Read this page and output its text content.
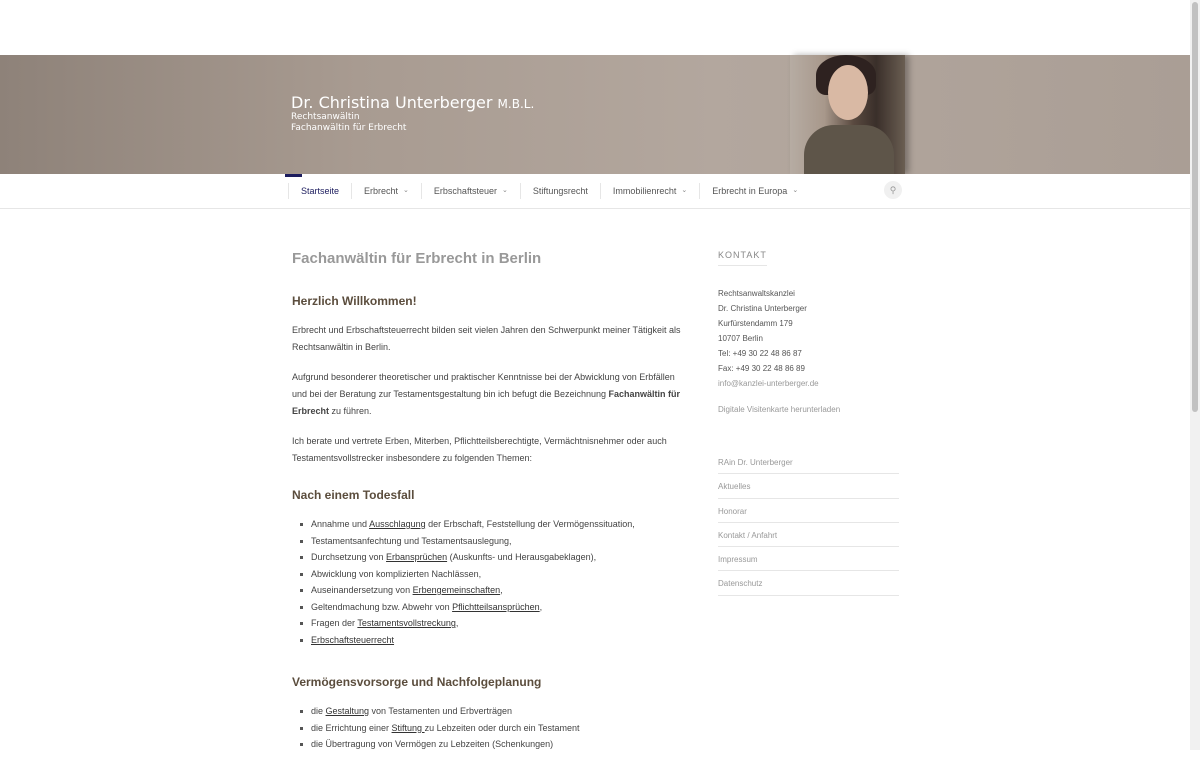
Dr. Christina Unterberger M.B.L.
Rechtsanwältin
Fachanwältin für Erbrecht
Startseite	Erbrecht ⌄	Erbschaftsteuer ⌄	Stiftungsrecht	Immobilienrecht ⌄	Erbrecht in Europa ⌄	⚲
Fachanwältin für Erbrecht in Berlin
Herzlich Willkommen!

Erbrecht und Erbschaftsteuerrecht bilden seit vielen Jahren den Schwerpunkt meiner Tätigkeit als Rechtsanwältin in Berlin.

Aufgrund besonderer theoretischer und praktischer Kenntnisse bei der Abwicklung von Erbfällen und bei der Beratung zur Testamentsgestaltung bin ich befugt die Bezeichnung Fachanwältin für Erbrecht zu führen.

Ich berate und vertrete Erben, Miterben, Pflichtteilsberechtigte, Vermächtnisnehmer oder auch Testamentsvollstrecker insbesondere zu folgenden Themen:

Nach einem Todesfall
Annahme und Ausschlagung der Erbschaft, Feststellung der Vermögenssituation,
Testamentsanfechtung und Testamentsauslegung,
Durchsetzung von Erbansprüchen (Auskunfts- und Herausgabeklagen),
Abwicklung von komplizierten Nachlässen,
Auseinandersetzung von Erbengemeinschaften,
Geltendmachung bzw. Abwehr von Pflichtteilsansprüchen,
Fragen der Testamentsvollstreckung,
Erbschaftsteuerrecht
Vermögensvorsorge und Nachfolgeplanung
die Gestaltung von Testamenten und Erbverträgen
die Errichtung einer Stiftung zu Lebzeiten oder durch ein Testament
die Übertragung von Vermögen zu Lebzeiten (Schenkungen)
KONTAKT
Rechtsanwaltskanzlei
Dr. Christina Unterberger
Kurfürstendamm 179
10707 Berlin
Tel: +49 30 22 48 86 87
Fax: +49 30 22 48 86 89
info@kanzlei-unterberger.de
Digitale Visitenkarte herunterladen
RAin Dr. Unterberger
Aktuelles
Honorar
Kontakt / Anfahrt
Impressum
Datenschutz
